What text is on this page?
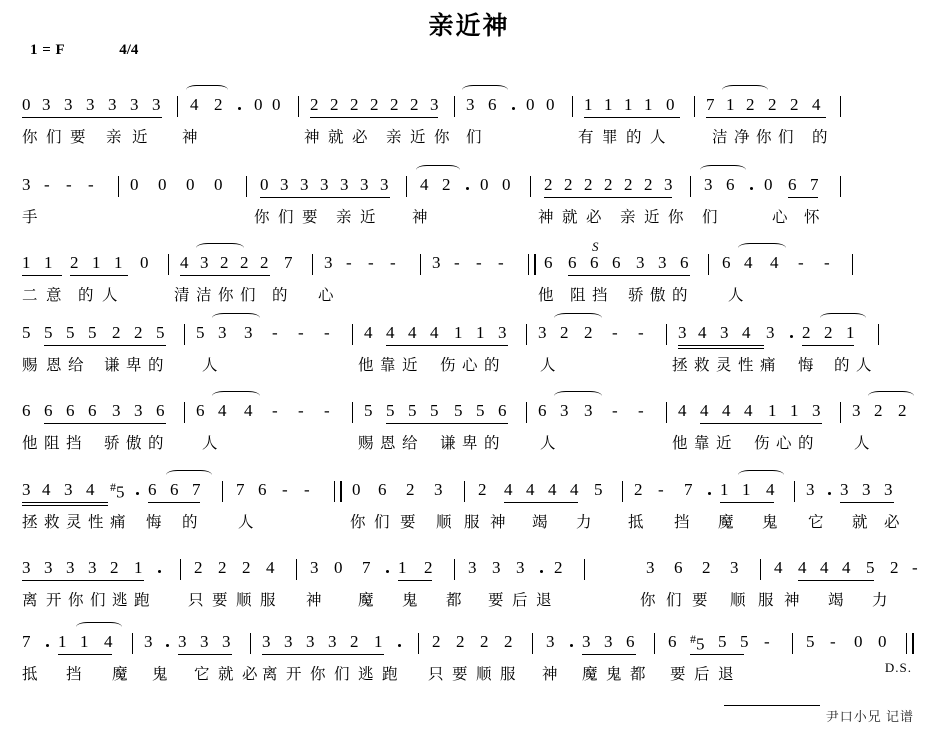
亲近神
1 = F	4/4
0 3 3 3 3 3 3 4 2 0 0 2 2 2 2 2 2 3 3 6 0 0 1 1 1 1 0 7 1 2 2 2 4
你 们 要 亲 近 神	神 就 必 亲 近 你 们	有 罪 的 人	洁 净 你 们 的
3 - - - 0 0 0 0 0 3 3 3 3 3 3 4 2 0 0 2 2 2 2 2 2 3 3 6 0 6 7
手	你 们 要 亲 近 神	神 就 必 亲 近 你 们	心 怀
S
1 1 2 1 1 0 4 3 2 2 2 7 3 - - - 3 - - - 6 6 6 6 3 3 6 6 4 4 - -
二 意 的 人	清 洁 你 们 的 心	他 阻 挡 骄 傲 的	人
5 5 5 5 2 2 5 5 3 3 - - - 4 4 4 4 1 1 3 3 2 2 - - 3 4 3 4 3 2 2 1
赐 恩 给 谦 卑 的 人	他 靠 近 伤 心 的	人	拯 救 灵 性 痛 悔 的 人
6 6 6 6 3 3 6 6 4 4 - - - 5 5 5 5 5 5 6 6 3 3 - - 4 4 4 4 1 1 3 3 2 2
他 阻 挡 骄 傲 的 人	赐 恩 给 谦 卑 的	人	他 靠 近 伤 心 的	人
3 4 3 4 #5 6 6 7 7 6 - - 0 6 2 3 2 4 4 4 4 5 2 - 7 1 1 4 3 3 3 3
拯 救 灵 性 痛 悔 的	人	你 们 要 顺 服 神 竭 力 抵 挡 魔 鬼 它 就 必
3 3 3 3 2 1	2 2 2 4 3 0 7 1 2 3 3 3 2	3 6 2 3 4 4 4 4 5 2 -
离 开 你 们 逃 跑 只 要 顺 服 神 魔 鬼 都 要 后 退	你 们 要 顺 服 神 竭 力
7 1 1 4 3 3 3 3 3 3 3 3 2 1	2 2 2 2 3 3 3 6 6 #5 5 5 - 5 - 0 0
抵 挡 魔 鬼 它 就 必 离 开 你 们 逃 跑 只 要 顺 服 神 魔 鬼 都 要 后 退	D.S.
尹口小兄 记谱
